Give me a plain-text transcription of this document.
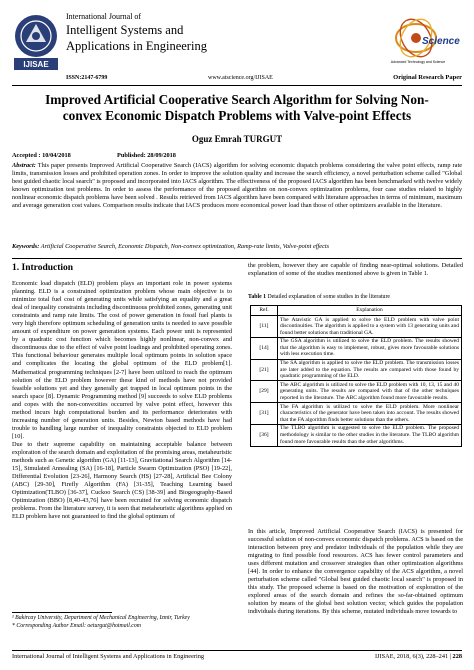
IJISAE
International Journal of
Intelligent Systems and
Applications in Engineering	Science
Advanced Technology and Science
ISSN:2147-6799	www.atscience.org/IJISAE	Original Research Paper
Improved Artificial Cooperative Search Algorithm for Solving Non-convex Economic Dispatch Problems with Valve-point Effects
Oguz Emrah TURGUT
Accepted : 10/04/2018	Published: 28/09/2018
Abstract: This paper presents Improved Artificial Cooperative Search (IACS) algorithm for solving economic dispatch problems considering the valve point effects, ramp rate limits, transmission losses and prohibited operation zones. In order to improve the solution quality and increase the search efficiency, a novel perturbation scheme called "Global best guided chaotic local search" is proposed and incorporated into IACS algorithm. The effectiveness of the proposed IACS algorithm has been benchmarked with twelve widely known optimization test problems. In order to assess the performance of the proposed algorithm on non-convex optimization problems, four case studies related to highly nonlinear economic dispatch problems have been solved . Results retrieved from IACS algorithm have been compared with literature approaches in terms of minimum, maximum and average generation cost values. Comparison results indicate that IACS produces more economical power load than those of other optimizers available in the literature.
Keywords: Artificial Cooperative Search, Economic Dispatch, Non-convex optimization, Ramp-rate limits, Valve-point effects
1. Introduction
Economic load dispatch (ELD) problem plays an important role in power systems planning. ELD is a constrained optimization problem whose main objective is to minimize total fuel cost of generating units while satisfying an equality and a great deal of inequality constraints including discontinuous prohibited zones, generating unit constraints and ramp rate limits. The cost of power generation in fossil fuel plants is very high therefore optimum scheduling of generation units is needed to save possible amount of expenditure on power generation systems. Each power unit is represented by a quadratic cost function which becomes highly nonlinear, non-convex and discontinuous due to the effect of valve point loadings and prohibited operating zones. This functional behaviour generates multiple local optimum points in solution space and complicates the locating the global optimum of the ELD problem[1]. Mathematical programming techniques [2-7] have been utilized to reach the optimum solution of the ELD problem however these kind of methods have not provided feasible solutions yet and they generally get trapped in local optimum points in the search space [8]. Dynamic Programming method [9] succeeds to solve ELD problems and copes with the non-convexities occurred by valve point effect, however this method incurs high computational burden and its performance deteriorates with increasing number of generation units. Besides, Newton based methods have had trouble to handling large number of inequality constraints objected to ELD problem [10].
Due to their supreme capability on maintaining acceptable balance between exploration of the search domain and exploitation of the promising areas, metaheuristic methods such as Genetic algorithm (GA) [11-13], Gravitational Search Algorithm [14-15], Simulated Annealing (SA) [16-18], Particle Swarm Optimization (PSO) [19-22], Differential Evolution [23-26], Harmony Search (HS) [27-28], Artificial Bee Colony (ABC) [29-30], Firefly Algorithm (FA) [31-35], Teaching Learning based Optimization(TLBO) [36-37], Cuckoo Search (CS) [38-39] and Biogeography-Based Optimization (BBO) [8,40-43,76] have been recruited for solving economic dispatch problems. From the literature survey, it is seen that metaheuristic algorithms applied on ELD problem have not guaranteed to find the global optimum of
the problem, however they are capable of finding near-optimal solutions. Detailed explanation of some of the studies mentioned above is given in Table 1.
Table 1 Detailed explanation of some studies in the literature
Ref.	Explanation
[11]	The Atavistic GA is applied to solve the ELD problem with valve point discontinuities. The algorithm is applied to a system with 13 generating units and found better solutions than traditional GA.
[14]	The GSA algorithm is utilized to solve the ELD problem. The results showed that the algorithm is easy to implement, robust, gives more favourable solutions with less execution time.
[21]	The SA algorithm is applied to solve the ELD problem. The transmission losses are later added to the equation. The results are compared with those found by quadratic programming of the ELD.
[29]	The ABC algorithm is utilized to solve the ELD problem with 10, 13, 15 and 40 generating units. The results are compared with that of the other techniques reported in the literature. The ABC algorithm found more favourable results.
[31]	The FA algorithm is utilized to solve the ELD problem. More nonlinear characteristics of the generator have been taken into account. The results showed that the FA algorithm finds better solutions than the others.
[36]	The TLBO algorithm is suggested to solve the ELD problem. The proposed methodology is similar to the other studies in the literature. The TLBO algorithm found more favourable results than the other algorithms.
In this article, Improved Artificial Cooperative Search (IACS) is presented for successful solution of non-convex economic dispatch problems. ACS is based on the interaction between prey and predator individuals of the population while they are migrating to find possible food resources. ACS has fewer control parameters and uses different mutation and crossover strategies than other optimization algorithms [44]. In order to enhance the convergence capability of the ACS algorithm, a novel perturbation scheme called "Global best guided chaotic local search" is proposed in this study. The proposed scheme is based on the motivation of exploration of the explored areas of the search domain and refines the so-far-obtained optimum solution by means of the global best solution vector, which guides the population individuals during iterations. By this scheme, mutated individuals move towards to
¹ Bakircay University, Department of Mechanical Engineering, Izmir, Turkey
* Corresponding Author Email: oeturgut@hotmail.com
International Journal of Intelligent Systems and Applications in Engineering	IJISAE, 2018, 6(3), 228–241 | 228
